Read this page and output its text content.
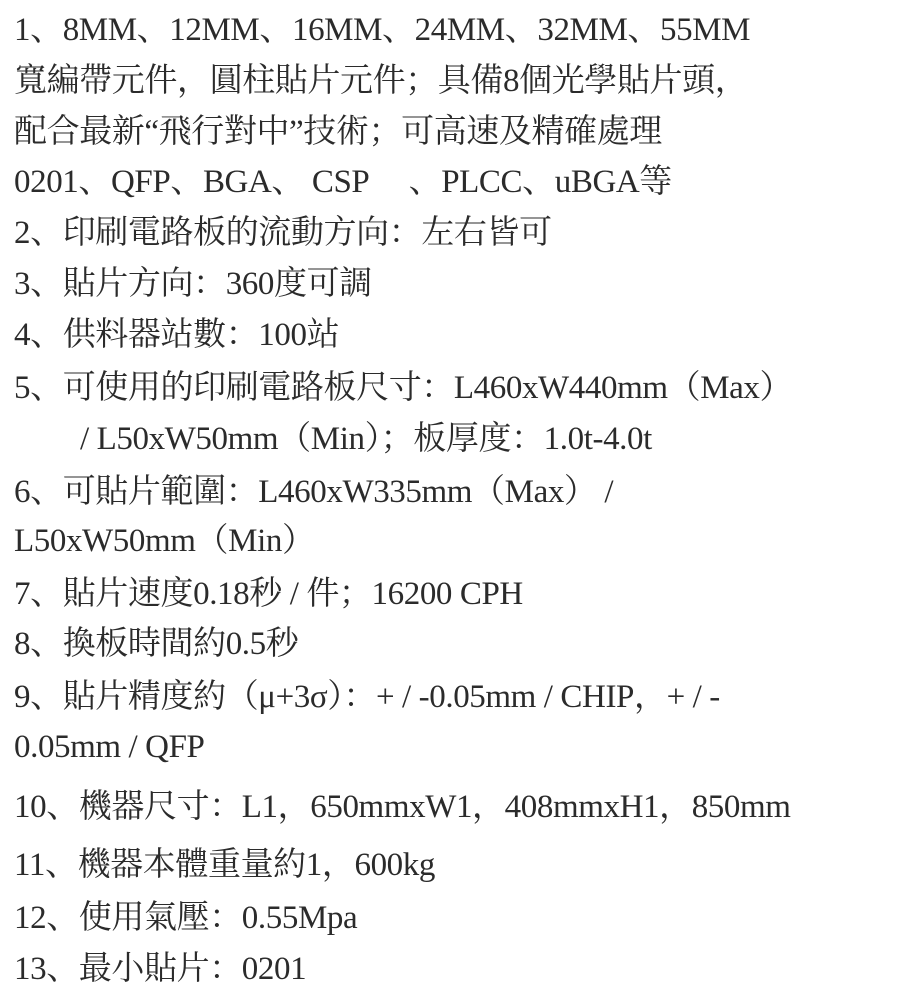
1、8MM、12MM、16MM、24MM、32MM、55MM
寬編帶元件，圓柱貼片元件；具備8個光學貼片頭，
配合最新“飛行對中”技術；可高速及精確處理
0201、QFP、BGA、 CSP　 、PLCC、uBGA等
2、印刷電路板的流動方向：左右皆可
3、貼片方向：360度可調
4、供料器站數：100站
5、可使用的印刷電路板尺寸：L460xW440mm（Max）
/ L50xW50mm（Min）；板厚度：1.0t-4.0t
6、可貼片範圍：L460xW335mm（Max） /
L50xW50mm（Min）
7、貼片速度0.18秒 / 件；16200 CPH
8、換板時間約0.5秒
9、貼片精度約（μ+3σ）：+ / -0.05mm / CHIP，+ / -
0.05mm / QFP
10、機器尺寸：L1，650mmxW1，408mmxH1，850mm
11、機器本體重量約1，600kg
12、使用氣壓：0.55Mpa
13、最小貼片：0201
